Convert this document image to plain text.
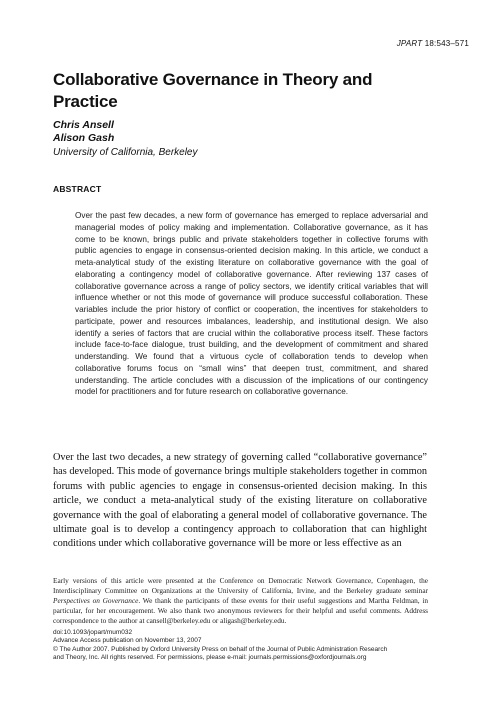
JPART 18:543–571
Collaborative Governance in Theory and Practice
Chris Ansell
Alison Gash
University of California, Berkeley
ABSTRACT

Over the past few decades, a new form of governance has emerged to replace adversarial and managerial modes of policy making and implementation. Collaborative governance, as it has come to be known, brings public and private stakeholders together in collective forums with public agencies to engage in consensus-oriented decision making. In this article, we conduct a meta-analytical study of the existing literature on collaborative governance with the goal of elaborating a contingency model of collaborative governance. After reviewing 137 cases of collaborative governance across a range of policy sectors, we identify critical variables that will influence whether or not this mode of governance will produce successful collaboration. These variables include the prior history of conflict or cooperation, the incentives for stakeholders to participate, power and resources imbalances, leadership, and institutional design. We also identify a series of factors that are crucial within the collaborative process itself. These factors include face-to-face dialogue, trust building, and the development of commitment and shared understanding. We found that a virtuous cycle of collaboration tends to develop when collaborative forums focus on “small wins” that deepen trust, commitment, and shared understanding. The article concludes with a discussion of the implications of our contingency model for practitioners and for future research on collaborative governance.

Over the last two decades, a new strategy of governing called “collaborative governance” has developed. This mode of governance brings multiple stakeholders together in common forums with public agencies to engage in consensus-oriented decision making. In this article, we conduct a meta-analytical study of the existing literature on collaborative governance with the goal of elaborating a general model of collaborative governance. The ultimate goal is to develop a contingency approach to collaboration that can highlight conditions under which collaborative governance will be more or less effective as an

Early versions of this article were presented at the Conference on Democratic Network Governance, Copenhagen, the Interdisciplinary Committee on Organizations at the University of California, Irvine, and the Berkeley graduate seminar Perspectives on Governance. We thank the participants of these events for their useful suggestions and Martha Feldman, in particular, for her encouragement. We also thank two anonymous reviewers for their helpful and useful comments. Address correspondence to the author at cansell@berkeley.edu or aligash@berkeley.edu.

doi:10.1093/jopart/mum032
Advance Access publication on November 13, 2007
© The Author 2007. Published by Oxford University Press on behalf of the Journal of Public Administration Research
and Theory, Inc. All rights reserved. For permissions, please e-mail: journals.permissions@oxfordjournals.org
